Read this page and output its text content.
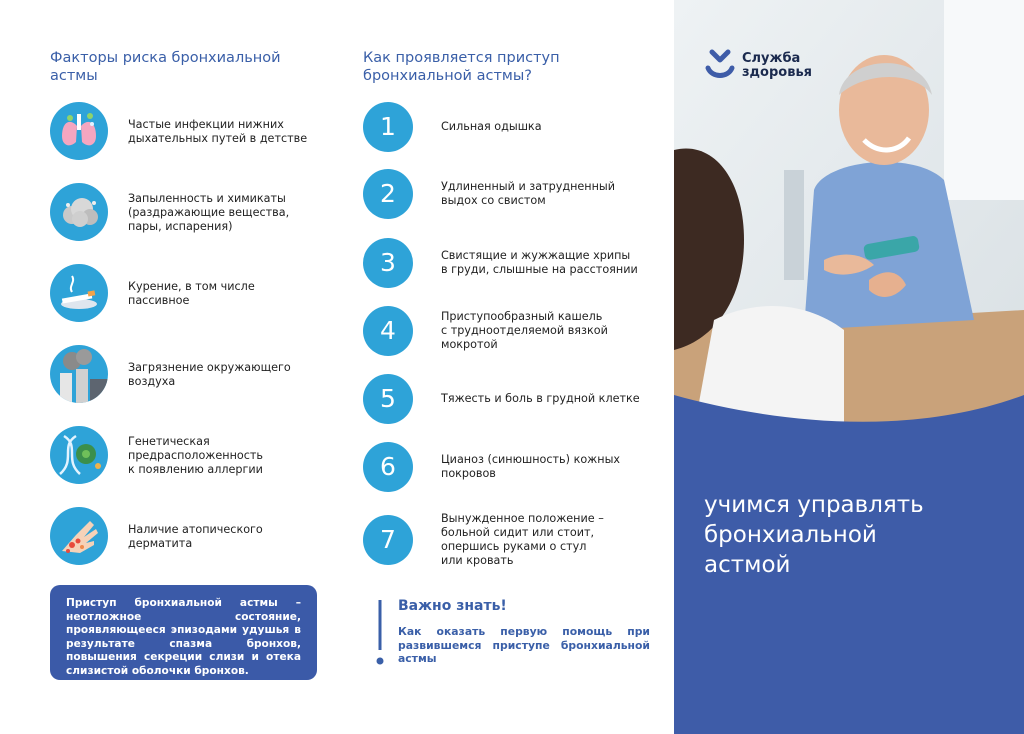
Факторы риска бронхиальной
астмы
Частые инфекции нижних
дыхательных путей в детстве
Запыленность и химикаты
(раздражающие вещества,
пары, испарения)
Курение, в том числе
пассивное
Загрязнение окружающего
воздуха
Генетическая
предрасположенность
к появлению аллергии
Наличие атопического
дерматита
Приступ бронхиальной астмы – неотложное состояние, проявляющееся эпизодами удушья в результате спазма бронхов, повышения секреции слизи и отека слизистой оболочки бронхов.
Как проявляется приступ
бронхиальной астмы?
1	Сильная одышка
2	Удлиненный и затрудненный
выдох со свистом
3	Свистящие и жужжащие хрипы
в груди, слышные на расстоянии
4	Приступообразный кашель
с трудноотделяемой вязкой
мокротой
5	Тяжесть и боль в грудной клетке
6	Цианоз (синюшность) кожных
покровов
7
Вынужденное положение –
больной сидит или стоит,
опершись руками о стул
или кровать
Важно знать!
Как оказать первую помощь при развившемся приступе бронхиальной астмы
Служба
здоровья
учимся управлять
бронхиальной
астмой
